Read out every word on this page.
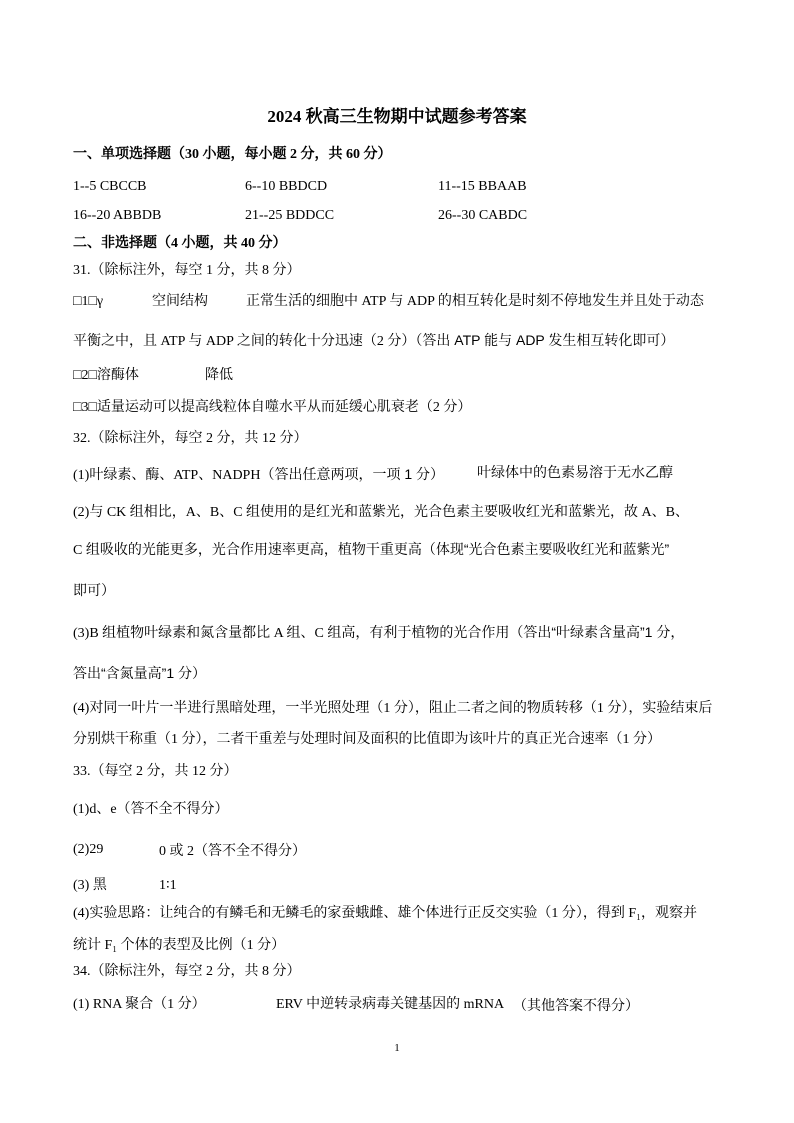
2024 秋高三生物期中试题参考答案
一、单项选择题（30 小题，每小题 2 分，共 60 分）
1--5 CBCCB	6--10 BBDCD	11--15 BBAAB
16--20 ABBDB	21--25 BDDCC	26--30 CABDC
二、非选择题（4 小题，共 40 分）
31.（除标注外，每空 1 分，共 8 分）
□1□γ	空间结构	正常生活的细胞中 ATP 与 ADP 的相互转化是时刻不停地发生并且处于动态
平衡之中，且 ATP 与 ADP 之间的转化十分迅速（2 分）（答出 ATP 能与 ADP 发生相互转化即可）
□2□溶酶体	降低
□3□适量运动可以提高线粒体自噬水平从而延缓心肌衰老（2 分）
32.（除标注外，每空 2 分，共 12 分）
(1)叶绿素、酶、ATP、NADPH（答出任意两项，一项 1 分） 叶绿体中的色素易溶于无水乙醇
(2)与 CK 组相比，A、B、C 组使用的是红光和蓝紫光，光合色素主要吸收红光和蓝紫光，故 A、B、
C 组吸收的光能更多，光合作用速率更高，植物干重更高（体现“光合色素主要吸收红光和蓝紫光”
即可）
(3)B 组植物叶绿素和氮含量都比 A 组、C 组高，有利于植物的光合作用（答出“叶绿素含量高”1 分，
答出“含氮量高”1 分）
(4)对同一叶片一半进行黑暗处理，一半光照处理（1 分），阻止二者之间的物质转移（1 分），实验结束后
分别烘干称重（1 分），二者干重差与处理时间及面积的比值即为该叶片的真正光合速率（1 分）
33.（每空 2 分，共 12 分）
(1)d、e（答不全不得分）
(2)29	0 或 2（答不全不得分）
(3) 黑	1∶1
(4)实验思路：让纯合的有鳞毛和无鳞毛的家蚕蛾雌、雄个体进行正反交实验（1 分），得到 F₁，观察并
统计 F₁ 个体的表型及比例（1 分）
34.（除标注外，每空 2 分，共 8 分）
(1) RNA 聚合（1 分）	ERV 中逆转录病毒关键基因的 mRNA （其他答案不得分）
1
